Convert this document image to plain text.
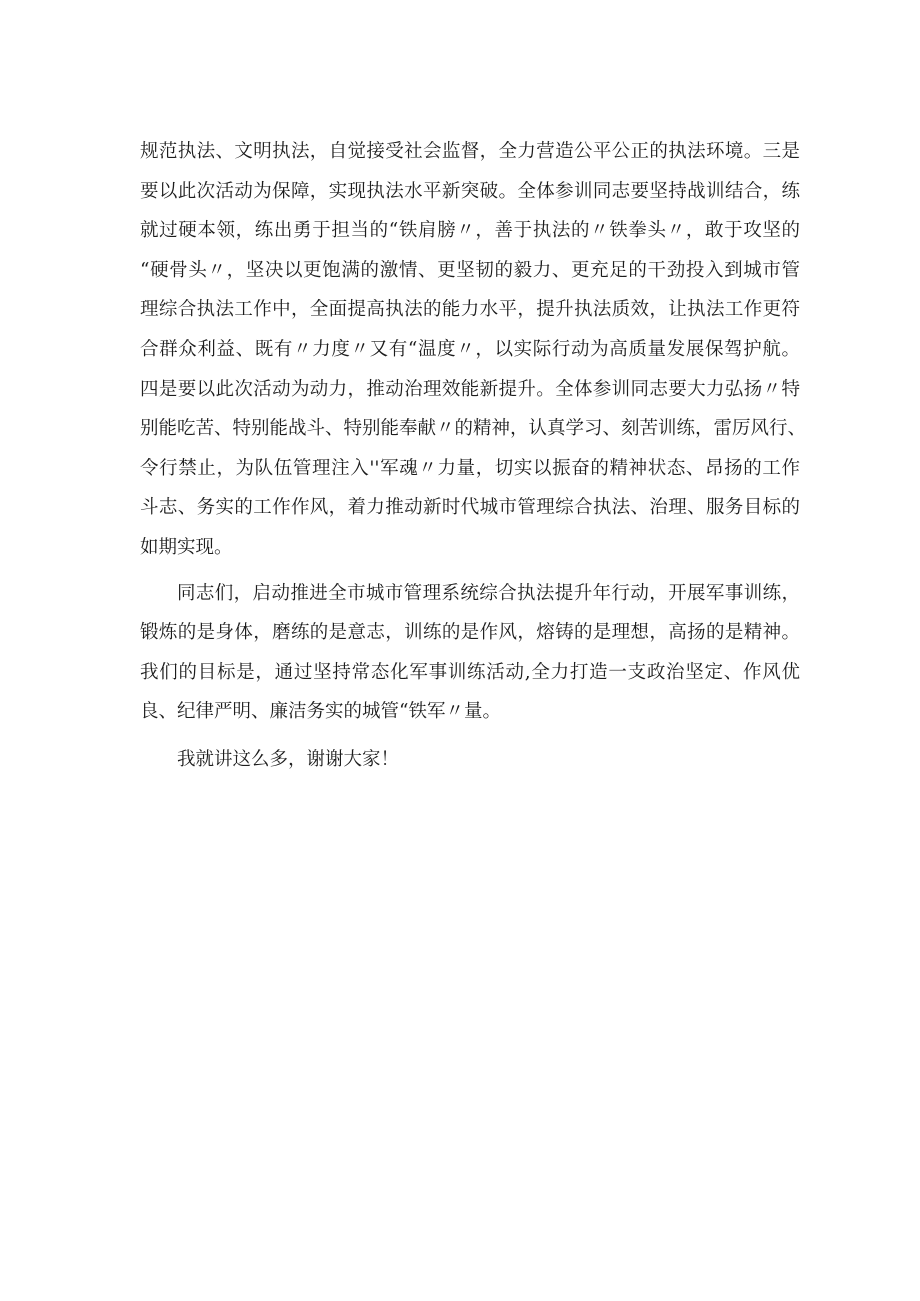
规范执法、文明执法，自觉接受社会监督，全力营造公平公正的执法环境。三是
要以此次活动为保障，实现执法水平新突破。全体参训同志要坚持战训结合，练
就过硬本领，练出勇于担当的“铁肩膀〃，善于执法的〃铁拳头〃，敢于攻坚的
“硬骨头〃，坚决以更饱满的激情、更坚韧的毅力、更充足的干劲投入到城市管
理综合执法工作中，全面提高执法的能力水平，提升执法质效，让执法工作更符
合群众利益、既有〃力度〃又有“温度〃，以实际行动为高质量发展保驾护航。
四是要以此次活动为动力，推动治理效能新提升。全体参训同志要大力弘扬〃特
别能吃苦、特别能战斗、特别能奉献〃的精神，认真学习、刻苦训练，雷厉风行、
令行禁止，为队伍管理注入''军魂〃力量，切实以振奋的精神状态、昂扬的工作
斗志、务实的工作作风，着力推动新时代城市管理综合执法、治理、服务目标的
如期实现。

同志们，启动推进全市城市管理系统综合执法提升年行动，开展军事训练，
锻炼的是身体，磨练的是意志，训练的是作风，熔铸的是理想，高扬的是精神。
我们的目标是，通过坚持常态化军事训练活动,全力打造一支政治坚定、作风优
良、纪律严明、廉洁务实的城管“铁军〃量。

我就讲这么多，谢谢大家！
